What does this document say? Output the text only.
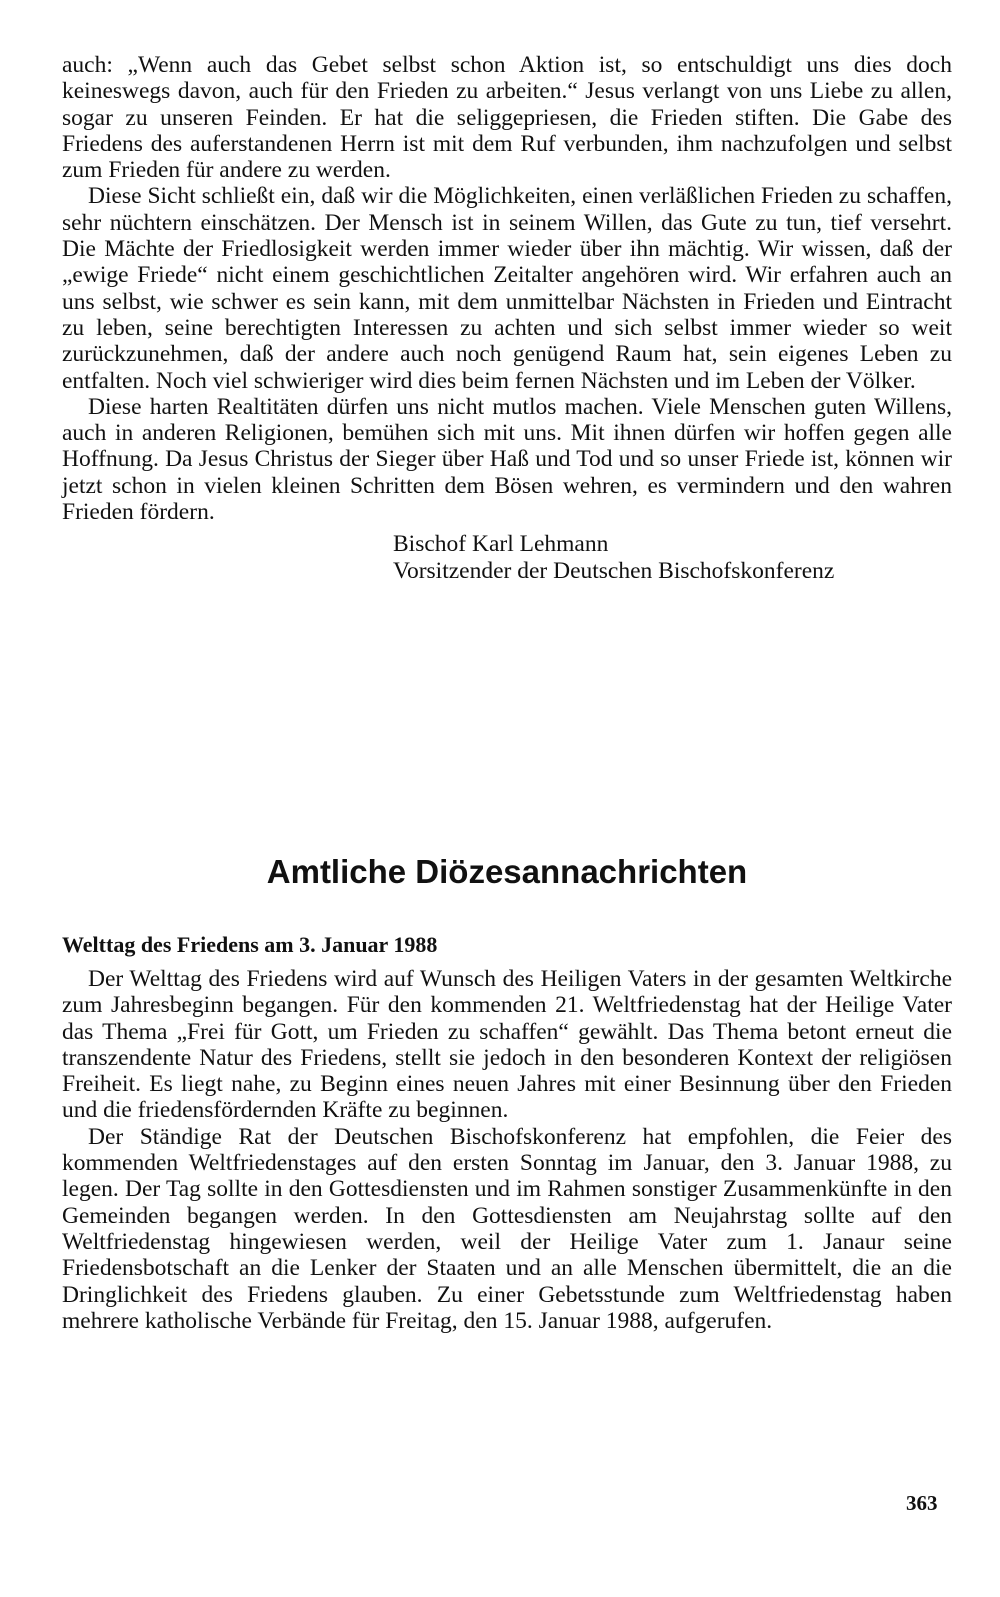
auch: „Wenn auch das Gebet selbst schon Aktion ist, so entschuldigt uns dies doch keineswegs davon, auch für den Frieden zu arbeiten.“ Jesus verlangt von uns Liebe zu allen, sogar zu unseren Feinden. Er hat die seliggepriesen, die Frieden stiften. Die Gabe des Friedens des auferstandenen Herrn ist mit dem Ruf verbunden, ihm nachzufolgen und selbst zum Frieden für andere zu werden.

Diese Sicht schließt ein, daß wir die Möglichkeiten, einen verläßlichen Frieden zu schaffen, sehr nüchtern einschätzen. Der Mensch ist in seinem Willen, das Gute zu tun, tief versehrt. Die Mächte der Friedlosigkeit werden immer wieder über ihn mächtig. Wir wissen, daß der „ewige Friede“ nicht einem geschichtlichen Zeitalter angehören wird. Wir erfahren auch an uns selbst, wie schwer es sein kann, mit dem unmittelbar Nächsten in Frieden und Eintracht zu leben, seine berechtigten Interessen zu achten und sich selbst immer wieder so weit zurückzunehmen, daß der andere auch noch genügend Raum hat, sein eigenes Leben zu entfalten. Noch viel schwieriger wird dies beim fernen Nächsten und im Leben der Völker.

Diese harten Realtitäten dürfen uns nicht mutlos machen. Viele Menschen guten Willens, auch in anderen Religionen, bemühen sich mit uns. Mit ihnen dürfen wir hoffen gegen alle Hoffnung. Da Jesus Christus der Sieger über Haß und Tod und so unser Friede ist, können wir jetzt schon in vielen kleinen Schritten dem Bösen wehren, es vermindern und den wahren Frieden fördern.

Bischof Karl Lehmann
Vorsitzender der Deutschen Bischofskonferenz
Amtliche Diözesannachrichten
Welttag des Friedens am 3. Januar 1988

Der Welttag des Friedens wird auf Wunsch des Heiligen Vaters in der gesamten Weltkirche zum Jahresbeginn begangen. Für den kommenden 21. Weltfriedenstag hat der Heilige Vater das Thema „Frei für Gott, um Frieden zu schaffen“ gewählt. Das Thema betont erneut die transzendente Natur des Friedens, stellt sie jedoch in den besonderen Kontext der religiösen Freiheit. Es liegt nahe, zu Beginn eines neuen Jahres mit einer Besinnung über den Frieden und die friedensfördernden Kräfte zu beginnen.

Der Ständige Rat der Deutschen Bischofskonferenz hat empfohlen, die Feier des kommenden Weltfriedenstages auf den ersten Sonntag im Januar, den 3. Januar 1988, zu legen. Der Tag sollte in den Gottesdiensten und im Rahmen sonstiger Zusammenkünfte in den Gemeinden begangen werden. In den Gottesdiensten am Neujahrstag sollte auf den Weltfriedenstag hingewiesen werden, weil der Heilige Vater zum 1. Janaur seine Friedensbotschaft an die Lenker der Staaten und an alle Menschen übermittelt, die an die Dringlichkeit des Friedens glauben. Zu einer Gebetsstunde zum Weltfriedenstag haben mehrere katholische Verbände für Freitag, den 15. Januar 1988, aufgerufen.

363
